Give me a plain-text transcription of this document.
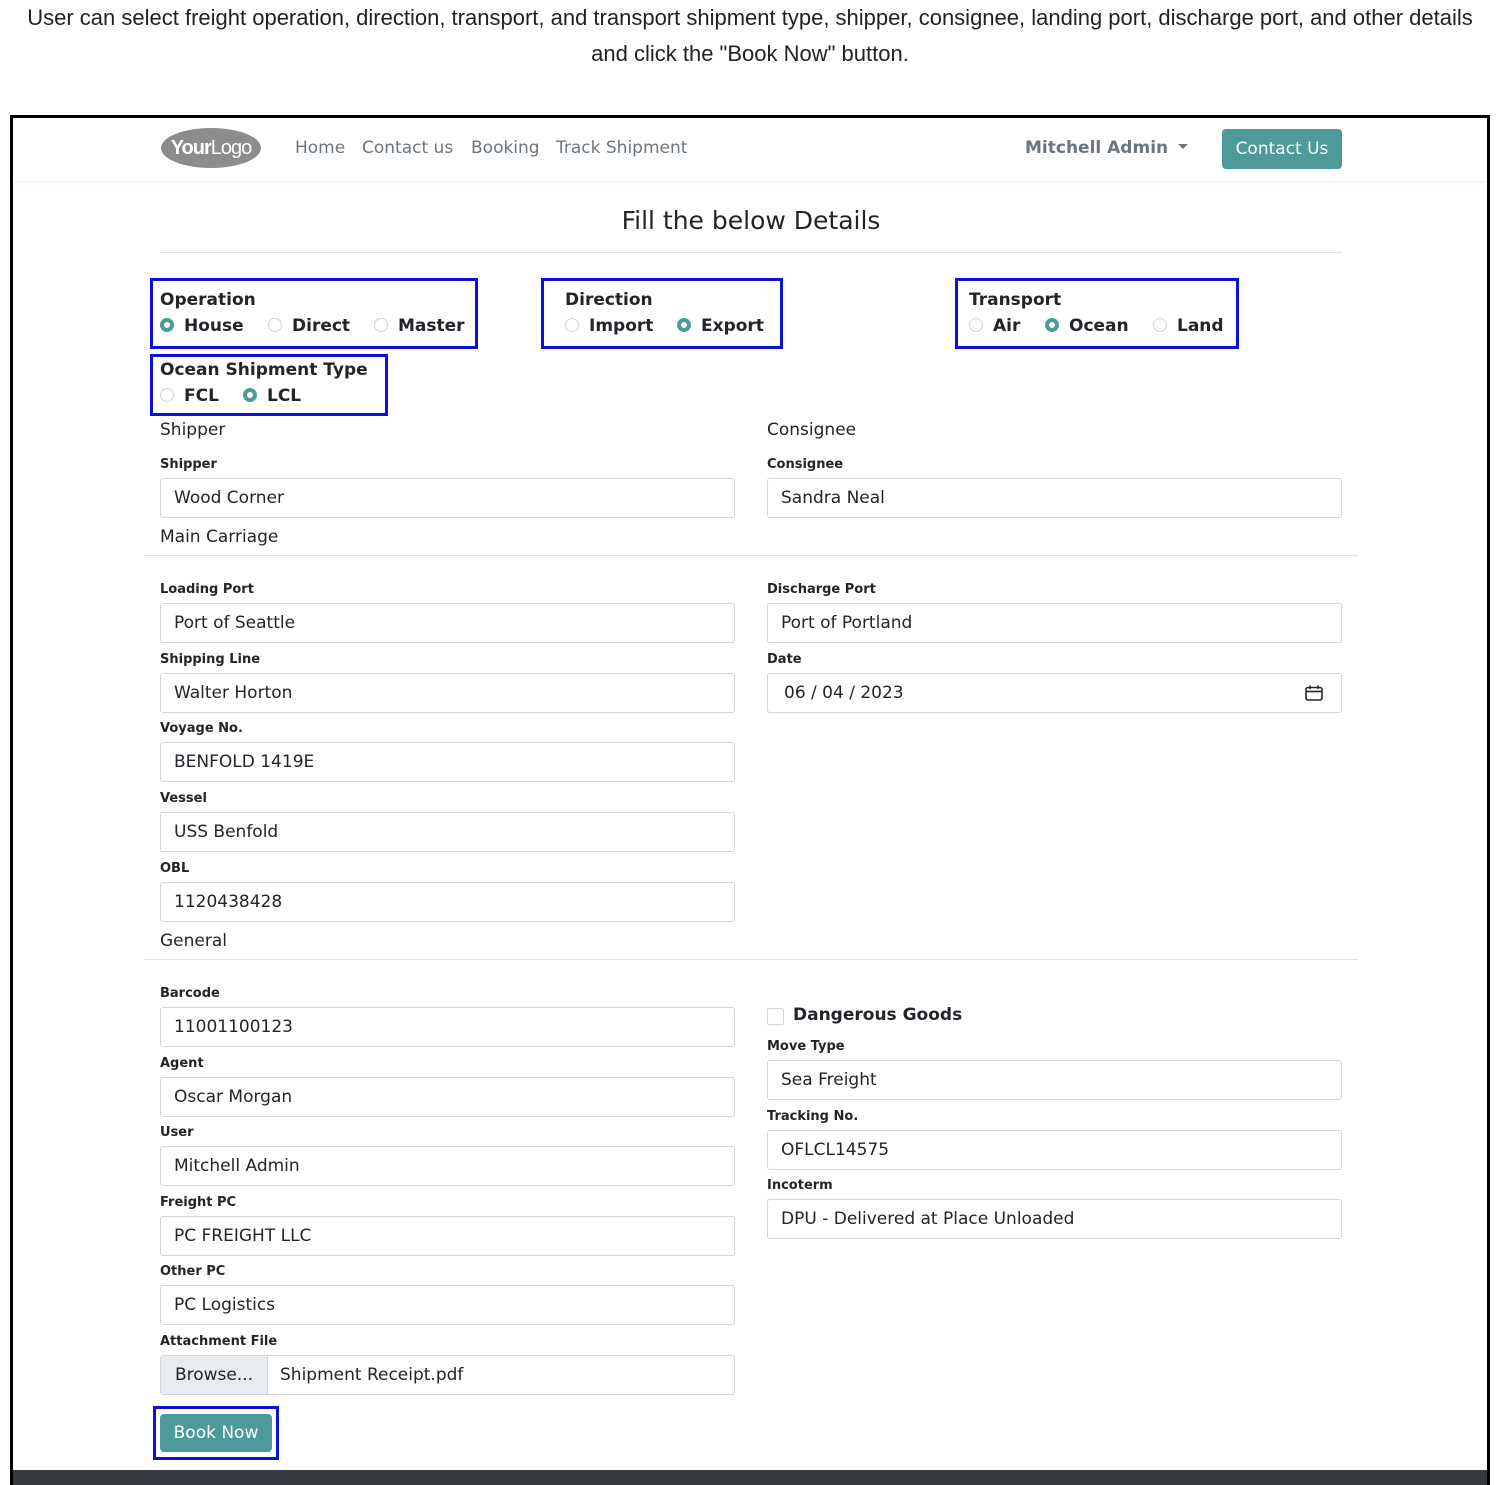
User can select freight operation, direction, transport, and transport shipment type, shipper, consignee, landing port, discharge port, and other details and click the "Book Now" button.
YourLogo	Home Contact us Booking Track Shipment	Mitchell Admin	Contact Us
Fill the below Details
Operation
House	Direct	Master
Direction
Import	Export
Transport
Air	Ocean	Land
Ocean Shipment Type
FCL	LCL
Shipper	Consignee
Shipper
Wood Corner
Consignee
Sandra Neal
Main Carriage
Loading Port
Port of Seattle
Discharge Port
Port of Portland
Shipping Line
Walter Horton
Date
06 / 04 / 2023
Voyage No.
BENFOLD 1419E
Vessel
USS Benfold
OBL
1120438428
General
Barcode
11001100123
Dangerous Goods
Agent
Oscar Morgan
Move Type
Sea Freight
User
Mitchell Admin
Tracking No.
OFLCL14575
Freight PC
PC FREIGHT LLC
Incoterm
DPU - Delivered at Place Unloaded
Other PC
PC Logistics
Attachment File
Browse...	Shipment Receipt.pdf
Book Now
